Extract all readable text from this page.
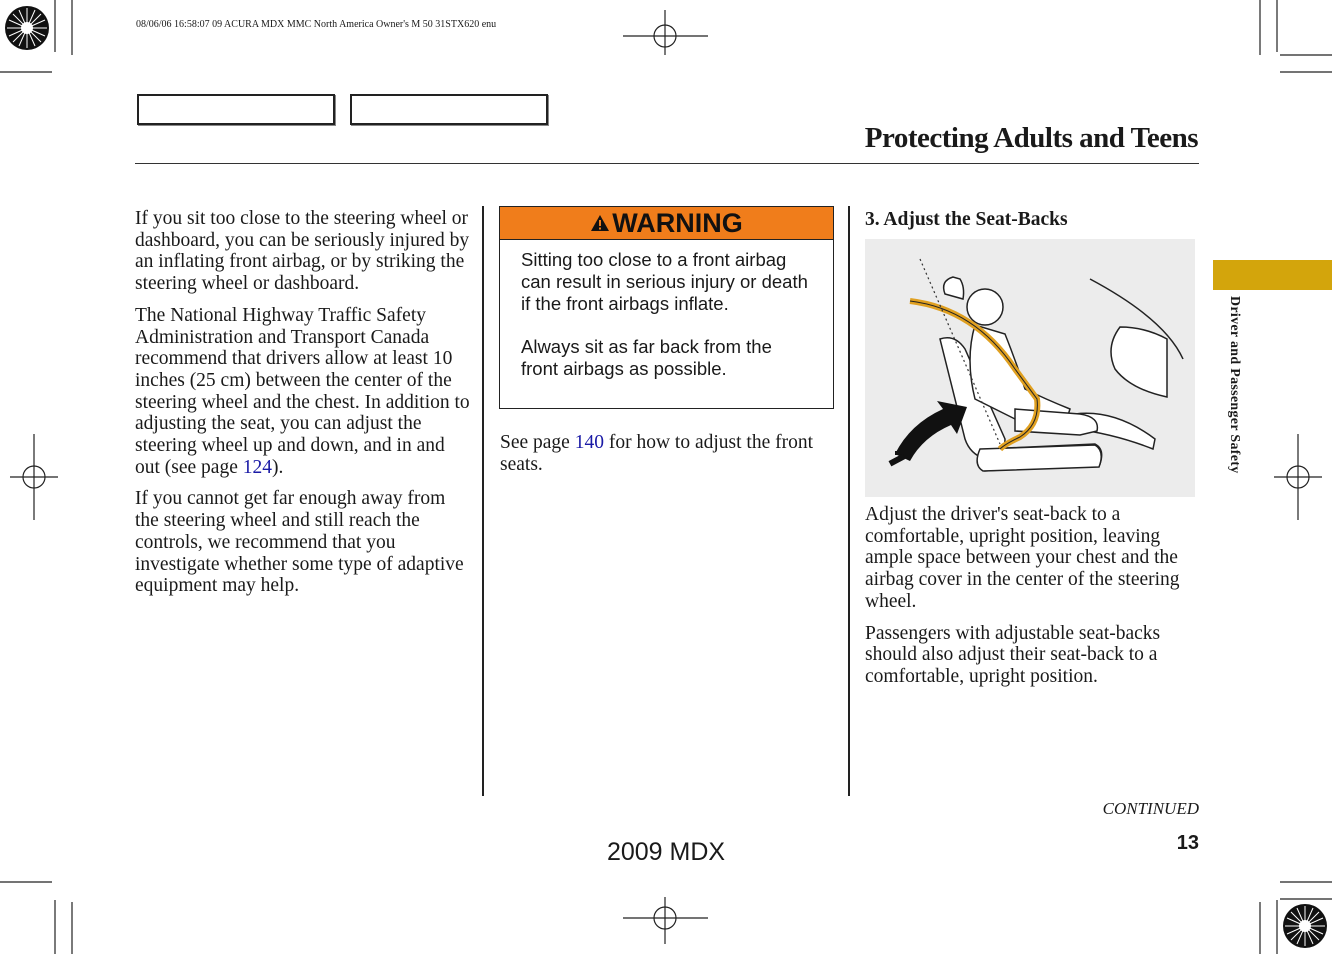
08/06/06 16:58:07 09 ACURA MDX MMC North America Owner's M 50 31STX620 enu
Protecting Adults and Teens

If you sit too close to the steering wheel or dashboard, you can be seriously injured by an inflating front airbag, or by striking the steering wheel or dashboard.

The National Highway Traffic Safety Administration and Transport Canada recommend that drivers allow at least 10 inches (25 cm) between the center of the steering wheel and the chest. In addition to adjusting the seat, you can adjust the steering wheel up and down, and in and out (see page 124).

If you cannot get far enough away from the steering wheel and still reach the controls, we recommend that you investigate whether some type of adaptive equipment may help.

WARNING

Sitting too close to a front airbag can result in serious injury or death if the front airbags inflate.

Always sit as far back from the front airbags as possible.

See page 140 for how to adjust the front seats.
3. Adjust the Seat-Backs

Adjust the driver's seat-back to a comfortable, upright position, leaving ample space between your chest and the airbag cover in the center of the steering wheel.

Passengers with adjustable seat-backs should also adjust their seat-back to a comfortable, upright position.

Driver and Passenger Safety
CONTINUED
13
2009 MDX
